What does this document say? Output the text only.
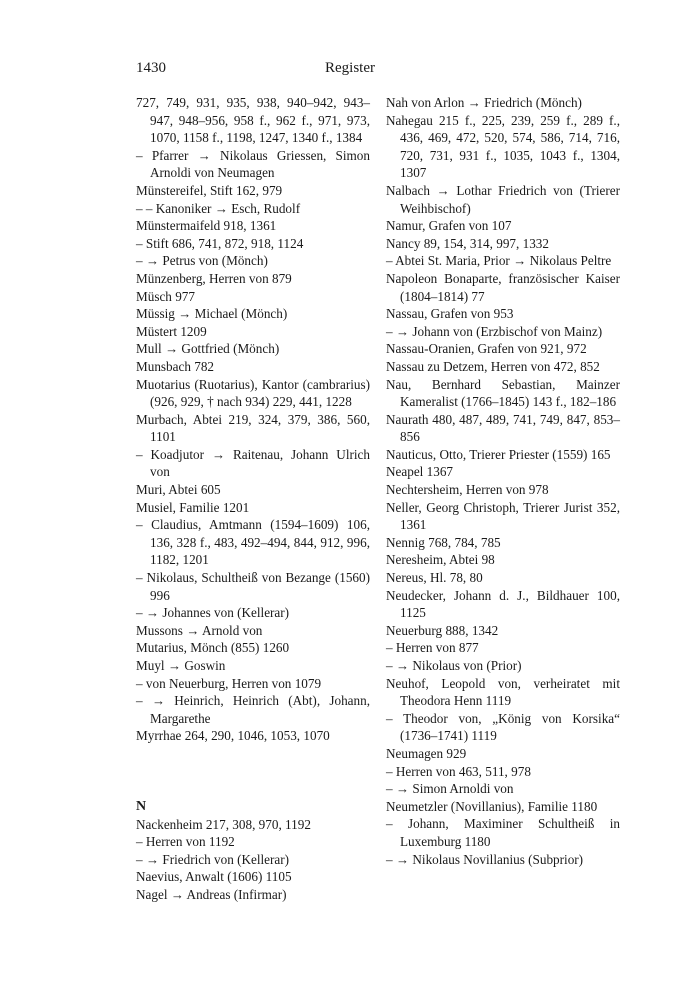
1430	Register
727, 749, 931, 935, 938, 940–942, 943–947, 948–956, 958 f., 962 f., 971, 973, 1070, 1158 f., 1198, 1247, 1340 f., 1384
– Pfarrer → Nikolaus Griessen, Simon Arnoldi von Neumagen
Münstereifel, Stift 162, 979
– – Kanoniker → Esch, Rudolf
Münstermaifeld 918, 1361
– Stift 686, 741, 872, 918, 1124
– → Petrus von (Mönch)
Münzenberg, Herren von 879
Müsch 977
Müssig → Michael (Mönch)
Müstert 1209
Mull → Gottfried (Mönch)
Munsbach 782
Muotarius (Ruotarius), Kantor (cambrarius) (926, 929, † nach 934) 229, 441, 1228
Murbach, Abtei 219, 324, 379, 386, 560, 1101
– Koadjutor → Raitenau, Johann Ulrich von
Muri, Abtei 605
Musiel, Familie 1201
– Claudius, Amtmann (1594–1609) 106, 136, 328 f., 483, 492–494, 844, 912, 996, 1182, 1201
– Nikolaus, Schultheiß von Bezange (1560) 996
– → Johannes von (Kellerar)
Mussons → Arnold von
Mutarius, Mönch (855) 1260
Muyl → Goswin
– von Neuerburg, Herren von 1079
– → Heinrich, Heinrich (Abt), Johann, Margarethe
Myrrhae 264, 290, 1046, 1053, 1070
N
Nackenheim 217, 308, 970, 1192
– Herren von 1192
– → Friedrich von (Kellerar)
Naevius, Anwalt (1606) 1105
Nagel → Andreas (Infirmar)
Nah von Arlon → Friedrich (Mönch)
Nahegau 215 f., 225, 239, 259 f., 289 f., 436, 469, 472, 520, 574, 586, 714, 716, 720, 731, 931 f., 1035, 1043 f., 1304, 1307
Nalbach → Lothar Friedrich von (Trierer Weihbischof)
Namur, Grafen von 107
Nancy 89, 154, 314, 997, 1332
– Abtei St. Maria, Prior → Nikolaus Peltre
Napoleon Bonaparte, französischer Kaiser (1804–1814) 77
Nassau, Grafen von 953
– → Johann von (Erzbischof von Mainz)
Nassau-Oranien, Grafen von 921, 972
Nassau zu Detzem, Herren von 472, 852
Nau, Bernhard Sebastian, Mainzer Kameralist (1766–1845) 143 f., 182–186
Naurath 480, 487, 489, 741, 749, 847, 853–856
Nauticus, Otto, Trierer Priester (1559) 165
Neapel 1367
Nechtersheim, Herren von 978
Neller, Georg Christoph, Trierer Jurist 352, 1361
Nennig 768, 784, 785
Neresheim, Abtei 98
Nereus, Hl. 78, 80
Neudecker, Johann d. J., Bildhauer 100, 1125
Neuerburg 888, 1342
– Herren von 877
– → Nikolaus von (Prior)
Neuhof, Leopold von, verheiratet mit Theodora Henn 1119
– Theodor von, „König von Korsika“ (1736–1741) 1119
Neumagen 929
– Herren von 463, 511, 978
– → Simon Arnoldi von
Neumetzler (Novillanius), Familie 1180
– Johann, Maximiner Schultheiß in Luxemburg 1180
– → Nikolaus Novillanius (Subprior)
